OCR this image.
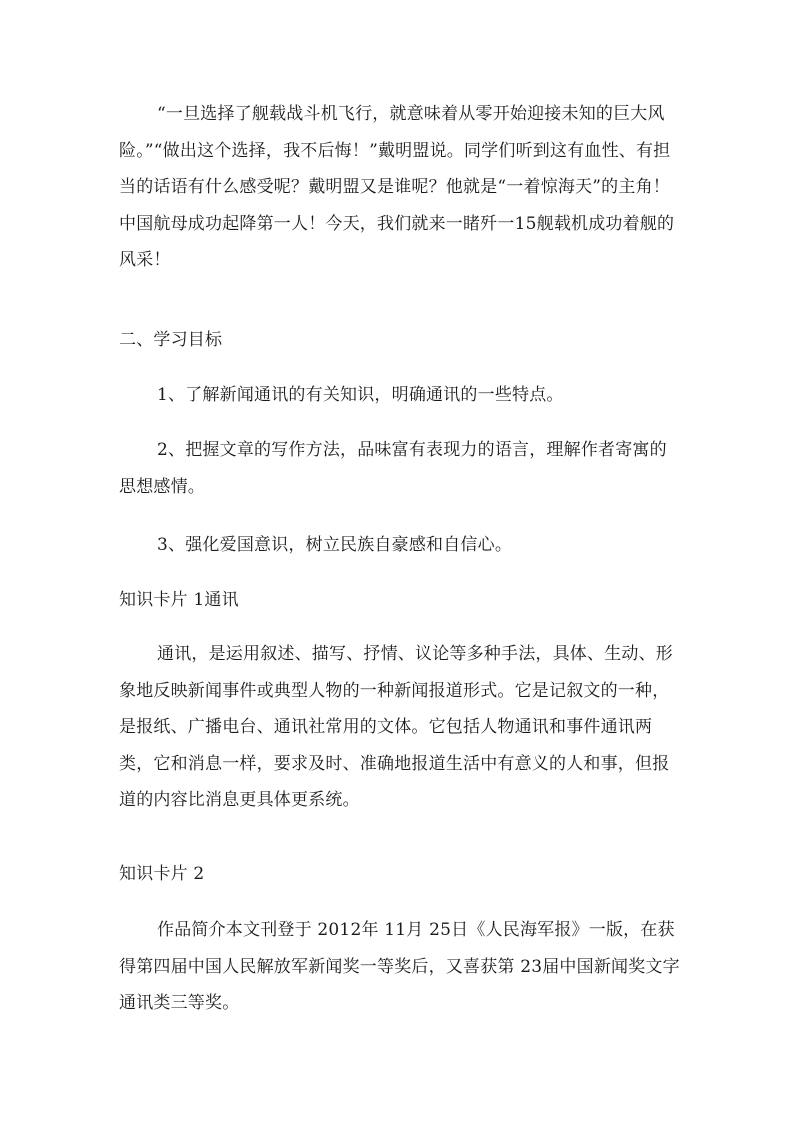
“一旦选择了舰载战斗机飞行，就意味着从零开始迎接未知的巨大风险。”“做出这个选择，我不后悔！”戴明盟说。同学们听到这有血性、有担当的话语有什么感受呢？戴明盟又是谁呢？他就是“一着惊海天”的主角！中国航母成功起降第一人！今天，我们就来一睹歼一15舰载机成功着舰的风采！

二、学习目标

1、了解新闻通讯的有关知识，明确通讯的一些特点。

2、把握文章的写作方法，品味富有表现力的语言，理解作者寄寓的思想感情。

3、强化爱国意识，树立民族自豪感和自信心。

知识卡片 1通讯

通讯，是运用叙述、描写、抒情、议论等多种手法，具体、生动、形象地反映新闻事件或典型人物的一种新闻报道形式。它是记叙文的一种，是报纸、广播电台、通讯社常用的文体。它包括人物通讯和事件通讯两类，它和消息一样，要求及时、准确地报道生活中有意义的人和事，但报道的内容比消息更具体更系统。

知识卡片 2

作品简介本文刊登于 2012年 11月 25日《人民海军报》一版，在获得第四届中国人民解放军新闻奖一等奖后，又喜获第 23届中国新闻奖文字通讯类三等奖。
